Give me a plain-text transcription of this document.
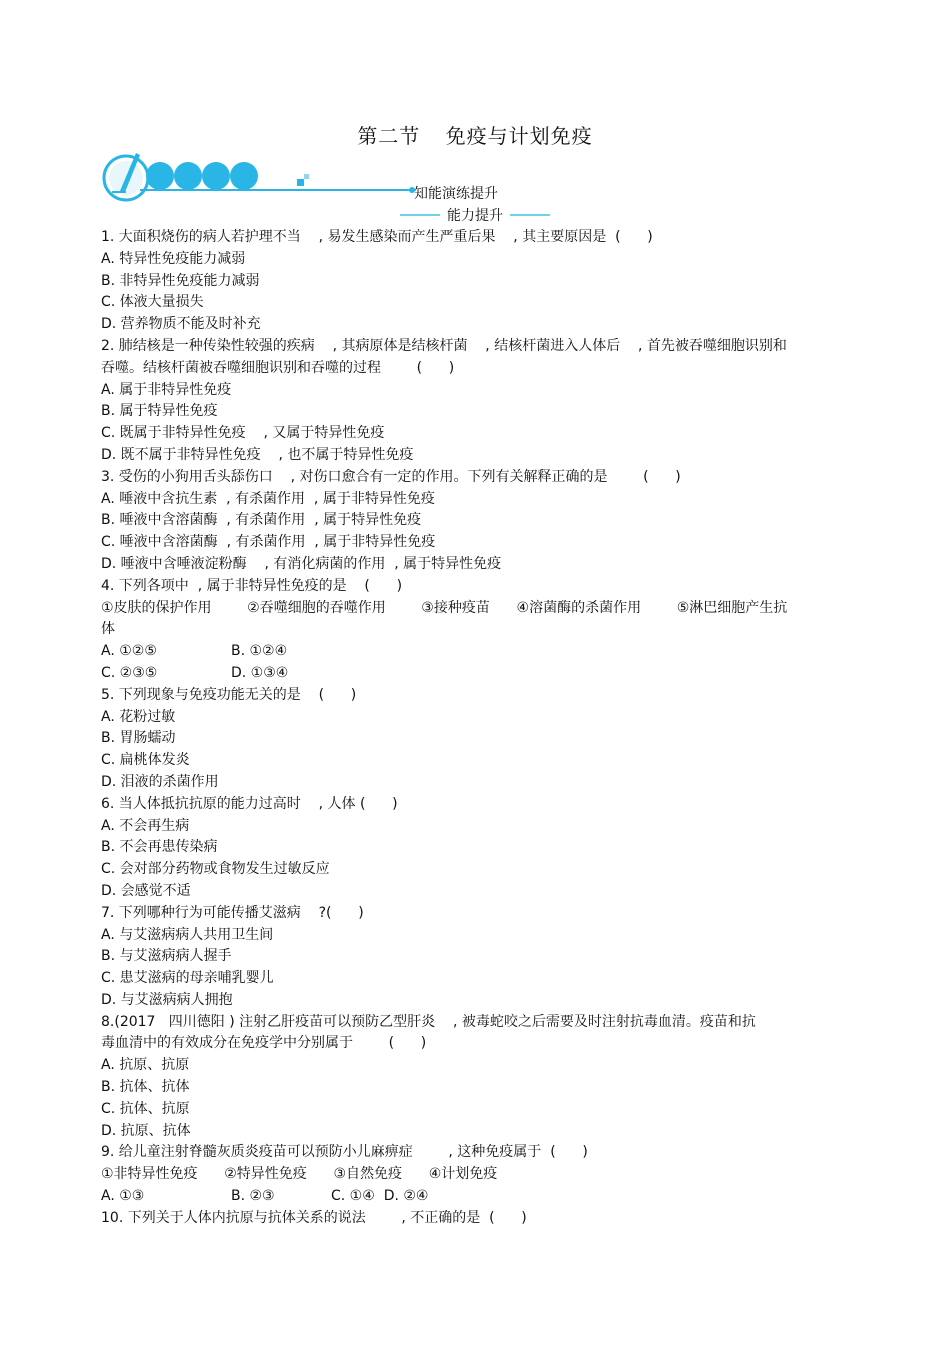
第二节 免疫与计划免疫
知能演练提升
能力提升
1. 大面积烧伤的病人若护理不当    , 易发生感染而产生严重后果    , 其主要原因是  (      )
A. 特异性免疫能力减弱
B. 非特异性免疫能力减弱
C. 体液大量损失
D. 营养物质不能及时补充
2. 肺结核是一种传染性较强的疾病    , 其病原体是结核杆菌    , 结核杆菌进入人体后    , 首先被吞噬细胞识别和
吞噬。结核杆菌被吞噬细胞识别和吞噬的过程        (      )
A. 属于非特异性免疫
B. 属于特异性免疫
C. 既属于非特异性免疫    , 又属于特异性免疫
D. 既不属于非特异性免疫    , 也不属于特异性免疫
3. 受伤的小狗用舌头舔伤口    , 对伤口愈合有一定的作用。下列有关解释正确的是        (      )
A. 唾液中含抗生素  , 有杀菌作用  , 属于非特异性免疫
B. 唾液中含溶菌酶  , 有杀菌作用  , 属于特异性免疫
C. 唾液中含溶菌酶  , 有杀菌作用  , 属于非特异性免疫
D. 唾液中含唾液淀粉酶    , 有消化病菌的作用  , 属于特异性免疫
4. 下列各项中  , 属于非特异性免疫的是    (      )
①皮肤的保护作用        ②吞噬细胞的吞噬作用        ③接种疫苗      ④溶菌酶的杀菌作用        ⑤淋巴细胞产生抗
体
A. ①②⑤	B. ①②④
C. ②③⑤	D. ①③④
5. 下列现象与免疫功能无关的是    (      )
A. 花粉过敏
B. 胃肠蠕动
C. 扁桃体发炎
D. 泪液的杀菌作用
6. 当人体抵抗抗原的能力过高时    , 人体 (      )
A. 不会再生病
B. 不会再患传染病
C. 会对部分药物或食物发生过敏反应
D. 会感觉不适
7. 下列哪种行为可能传播艾滋病    ?(      )
A. 与艾滋病病人共用卫生间
B. 与艾滋病病人握手
C. 患艾滋病的母亲哺乳婴儿
D. 与艾滋病病人拥抱
8.(2017   四川德阳 ) 注射乙肝疫苗可以预防乙型肝炎    , 被毒蛇咬之后需要及时注射抗毒血清。疫苗和抗
毒血清中的有效成分在免疫学中分别属于        (      )
A. 抗原、抗原
B. 抗体、抗体
C. 抗体、抗原
D. 抗原、抗体
9. 给儿童注射脊髓灰质炎疫苗可以预防小儿麻痹症        , 这种免疫属于  (      )
①非特异性免疫      ②特异性免疫      ③自然免疫      ④计划免疫
A. ①③	B. ②③	C. ①④ D. ②④
10. 下列关于人体内抗原与抗体关系的说法        , 不正确的是  (      )
